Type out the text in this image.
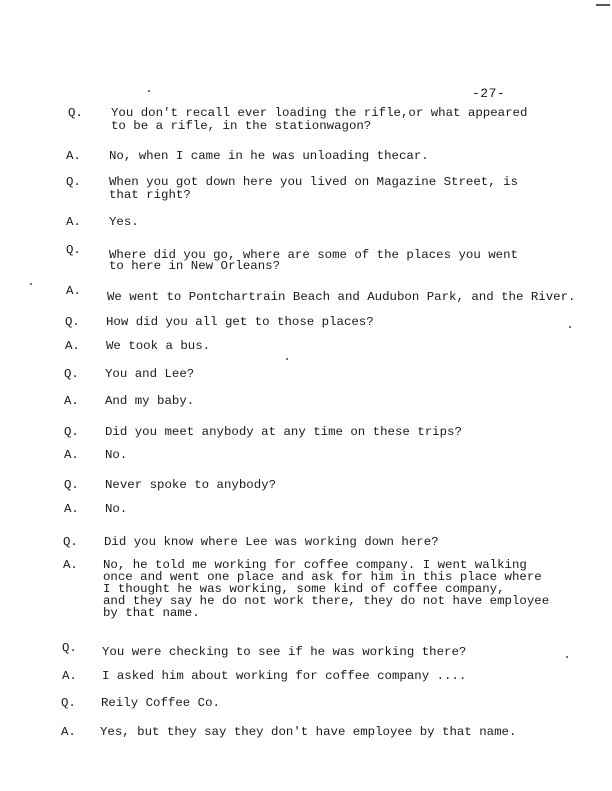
-27-
Q.	You don't recall ever loading the rifle,or what appeared
to be a rifle, in the stationwagon?
A.	No, when I came in he was unloading thecar.
Q.	When you got down here you lived on Magazine Street, is
that right?
A.	Yes.
Q.	Where did you go, where are some of the places you went
to here in New Orleans?
A.	We went to Pontchartrain Beach and Audubon Park, and the River.
Q.	How did you all get to those places?
A.	We took a bus.
Q.	You and Lee?
A.	And my baby.
Q.	Did you meet anybody at any time on these trips?
A.	No.
Q.	Never spoke to anybody?
A.	No.
Q.	Did you know where Lee was working down here?
A.	No, he told me working for coffee company. I went walking
once and went one place and ask for him in this place where
I thought he was working, some kind of coffee company,
and they say he do not work there, they do not have employee
by that name.
Q.	You were checking to see if he was working there?
A.	I asked him about working for coffee company ....
Q.	Reily Coffee Co.
A.	Yes, but they say they don't have employee by that name.
